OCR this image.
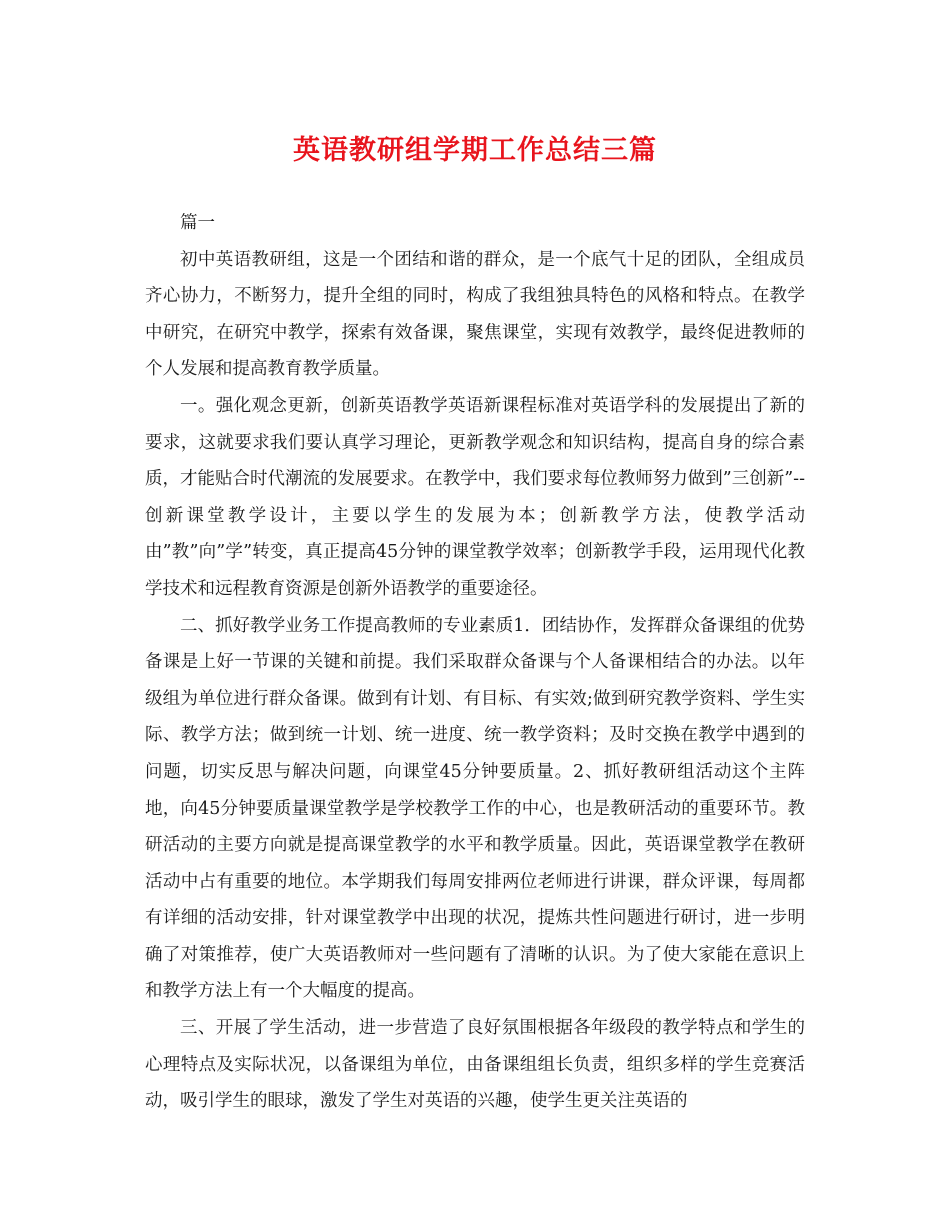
英语教研组学期工作总结三篇

篇一

初中英语教研组，这是一个团结和谐的群众，是一个底气十足的团队，全组成员齐心协力，不断努力，提升全组的同时，构成了我组独具特色的风格和特点。在教学中研究，在研究中教学，探索有效备课，聚焦课堂，实现有效教学，最终促进教师的个人发展和提高教育教学质量。

一。强化观念更新，创新英语教学英语新课程标准对英语学科的发展提出了新的要求，这就要求我们要认真学习理论，更新教学观念和知识结构，提高自身的综合素质，才能贴合时代潮流的发展要求。在教学中，我们要求每位教师努力做到”三创新”--创新课堂教学设计，主要以学生的发展为本；创新教学方法，使教学活动由”教”向”学”转变，真正提高45分钟的课堂教学效率；创新教学手段，运用现代化教学技术和远程教育资源是创新外语教学的重要途径。

二、抓好教学业务工作提高教师的专业素质1．团结协作，发挥群众备课组的优势备课是上好一节课的关键和前提。我们采取群众备课与个人备课相结合的办法。以年级组为单位进行群众备课。做到有计划、有目标、有实效;做到研究教学资料、学生实际、教学方法；做到统一计划、统一进度、统一教学资料；及时交换在教学中遇到的问题，切实反思与解决问题，向课堂45分钟要质量。2、抓好教研组活动这个主阵地，向45分钟要质量课堂教学是学校教学工作的中心，也是教研活动的重要环节。教研活动的主要方向就是提高课堂教学的水平和教学质量。因此，英语课堂教学在教研活动中占有重要的地位。本学期我们每周安排两位老师进行讲课，群众评课，每周都有详细的活动安排，针对课堂教学中出现的状况，提炼共性问题进行研讨，进一步明确了对策推荐，使广大英语教师对一些问题有了清晰的认识。为了使大家能在意识上和教学方法上有一个大幅度的提高。

三、开展了学生活动，进一步营造了良好氛围根据各年级段的教学特点和学生的心理特点及实际状况，以备课组为单位，由备课组组长负责，组织多样的学生竞赛活动，吸引学生的眼球，激发了学生对英语的兴趣，使学生更关注英语的
